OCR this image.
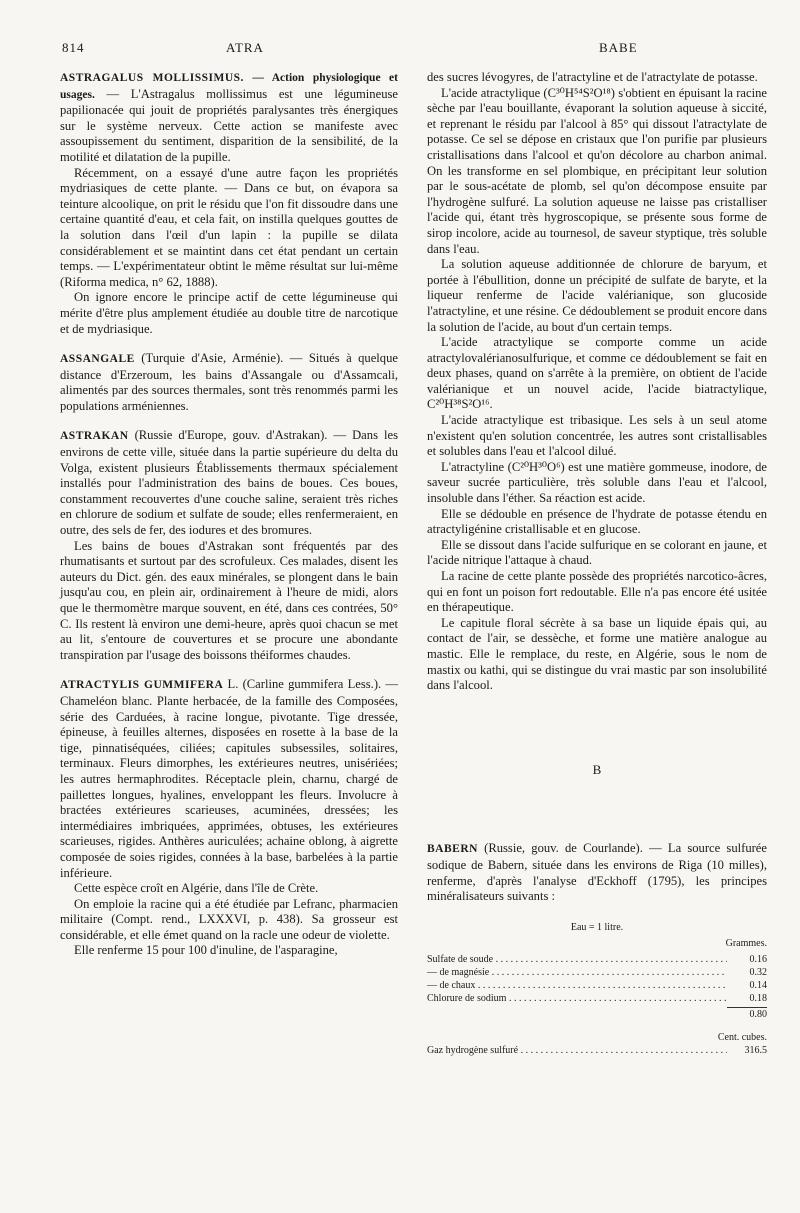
814	ATRA	BABE

ASTRAGALUS MOLLISSIMUS. — Action physiologique et usages. — L'Astragalus mollissimus est une légumineuse papilionacée qui jouit de propriétés paralysantes très énergiques sur le système nerveux. Cette action se manifeste avec assoupissement du sentiment, disparition de la sensibilité, de la motilité et dilatation de la pupille.

Récemment, on a essayé d'une autre façon les propriétés mydriasiques de cette plante. — Dans ce but, on évapora sa teinture alcoolique, on prit le résidu que l'on fit dissoudre dans une certaine quantité d'eau, et cela fait, on instilla quelques gouttes de la solution dans l'œil d'un lapin : la pupille se dilata considérablement et se maintint dans cet état pendant un certain temps. — L'expérimentateur obtint le même résultat sur lui-même (Riforma medica, n° 62, 1888).

On ignore encore le principe actif de cette légumineuse qui mérite d'être plus amplement étudiée au double titre de narcotique et de mydriasique.

ASSANGALE (Turquie d'Asie, Arménie). — Situés à quelque distance d'Erzeroum, les bains d'Assangale ou d'Assamcali, alimentés par des sources thermales, sont très renommés parmi les populations arméniennes.

ASTRAKAN (Russie d'Europe, gouv. d'Astrakan). — Dans les environs de cette ville, située dans la partie supérieure du delta du Volga, existent plusieurs Établissements thermaux spécialement installés pour l'administration des bains de boues. Ces boues, constamment recouvertes d'une couche saline, seraient très riches en chlorure de sodium et sulfate de soude; elles renfermeraient, en outre, des sels de fer, des iodures et des bromures.

Les bains de boues d'Astrakan sont fréquentés par des rhumatisants et surtout par des scrofuleux. Ces malades, disent les auteurs du Dict. gén. des eaux minérales, se plongent dans le bain jusqu'au cou, en plein air, ordinairement à l'heure de midi, alors que le thermomètre marque souvent, en été, dans ces contrées, 50° C. Ils restent là environ une demi-heure, après quoi chacun se met au lit, s'entoure de couvertures et se procure une abondante transpiration par l'usage des boissons théiformes chaudes.

ATRACTYLIS GUMMIFERA L. (Carline gummifera Less.). — Chameléon blanc. Plante herbacée, de la famille des Composées, série des Carduées, à racine longue, pivotante. Tige dressée, épineuse, à feuilles alternes, disposées en rosette à la base de la tige, pinnatiséquées, ciliées; capitules subsessiles, solitaires, terminaux. Fleurs dimorphes, les extérieures neutres, unisériées; les autres hermaphrodites. Réceptacle plein, charnu, chargé de paillettes longues, hyalines, enveloppant les fleurs. Involucre à bractées extérieures scarieuses, acuminées, dressées; les intermédiaires imbriquées, apprimées, obtuses, les extérieures scarieuses, rigides. Anthères auriculées; achaine oblong, à aigrette composée de soies rigides, connées à la base, barbelées à la partie inférieure.

Cette espèce croît en Algérie, dans l'île de Crète.

On emploie la racine qui a été étudiée par Lefranc, pharmacien militaire (Compt. rend., LXXXVI, p. 438). Sa grosseur est considérable, et elle émet quand on la racle une odeur de violette.

Elle renferme 15 pour 100 d'inuline, de l'asparagine,

des sucres lévogyres, de l'atractyline et de l'atractylate de potasse.

L'acide atractylique (C³⁰H⁵⁴S²O¹⁸) s'obtient en épuisant la racine sèche par l'eau bouillante, évaporant la solution aqueuse à siccité, et reprenant le résidu par l'alcool à 85° qui dissout l'atractylate de potasse. Ce sel se dépose en cristaux que l'on purifie par plusieurs cristallisations dans l'alcool et qu'on décolore au charbon animal. On les transforme en sel plombique, en précipitant leur solution par le sous-acétate de plomb, sel qu'on décompose ensuite par l'hydrogène sulfuré. La solution aqueuse ne laisse pas cristalliser l'acide qui, étant très hygroscopique, se présente sous forme de sirop incolore, acide au tournesol, de saveur styptique, très soluble dans l'eau.

La solution aqueuse additionnée de chlorure de baryum, et portée à l'ébullition, donne un précipité de sulfate de baryte, et la liqueur renferme de l'acide valérianique, son glucoside l'atractyline, et une résine. Ce dédoublement se produit encore dans la solution de l'acide, au bout d'un certain temps.

L'acide atractylique se comporte comme un acide atractylovalérianosulfurique, et comme ce dédoublement se fait en deux phases, quand on s'arrête à la première, on obtient de l'acide valérianique et un nouvel acide, l'acide biatractylique, C²⁰H³⁸S²O¹⁶.

L'acide atractylique est tribasique. Les sels à un seul atome n'existent qu'en solution concentrée, les autres sont cristallisables et solubles dans l'eau et l'alcool dilué.

L'atractyline (C²⁰H³⁰O⁶) est une matière gommeuse, inodore, de saveur sucrée particulière, très soluble dans l'eau et l'alcool, insoluble dans l'éther. Sa réaction est acide.

Elle se dédouble en présence de l'hydrate de potasse étendu en atractyligénine cristallisable et en glucose.

Elle se dissout dans l'acide sulfurique en se colorant en jaune, et l'acide nitrique l'attaque à chaud.

La racine de cette plante possède des propriétés narcotico-âcres, qui en font un poison fort redoutable. Elle n'a pas encore été usitée en thérapeutique.

Le capitule floral sécrète à sa base un liquide épais qui, au contact de l'air, se dessèche, et forme une matière analogue au mastic. Elle le remplace, du reste, en Algérie, sous le nom de mastix ou kathi, qui se distingue du vrai mastic par son insolubilité dans l'alcool.

B

BABERN (Russie, gouv. de Courlande). — La source sulfurée sodique de Babern, située dans les environs de Riga (10 milles), renferme, d'après l'analyse d'Eckhoff (1795), les principes minéralisateurs suivants :

Eau = 1 litre.
Grammes.
Sulfate de soude . . .	0.16
— de magnésie . . .	0.32
— de chaux . . .	0.14
Chlorure de sodium . . .	0.18
0.80
Cent. cubes.
Gaz hydrogène sulfuré . . .	316.5
